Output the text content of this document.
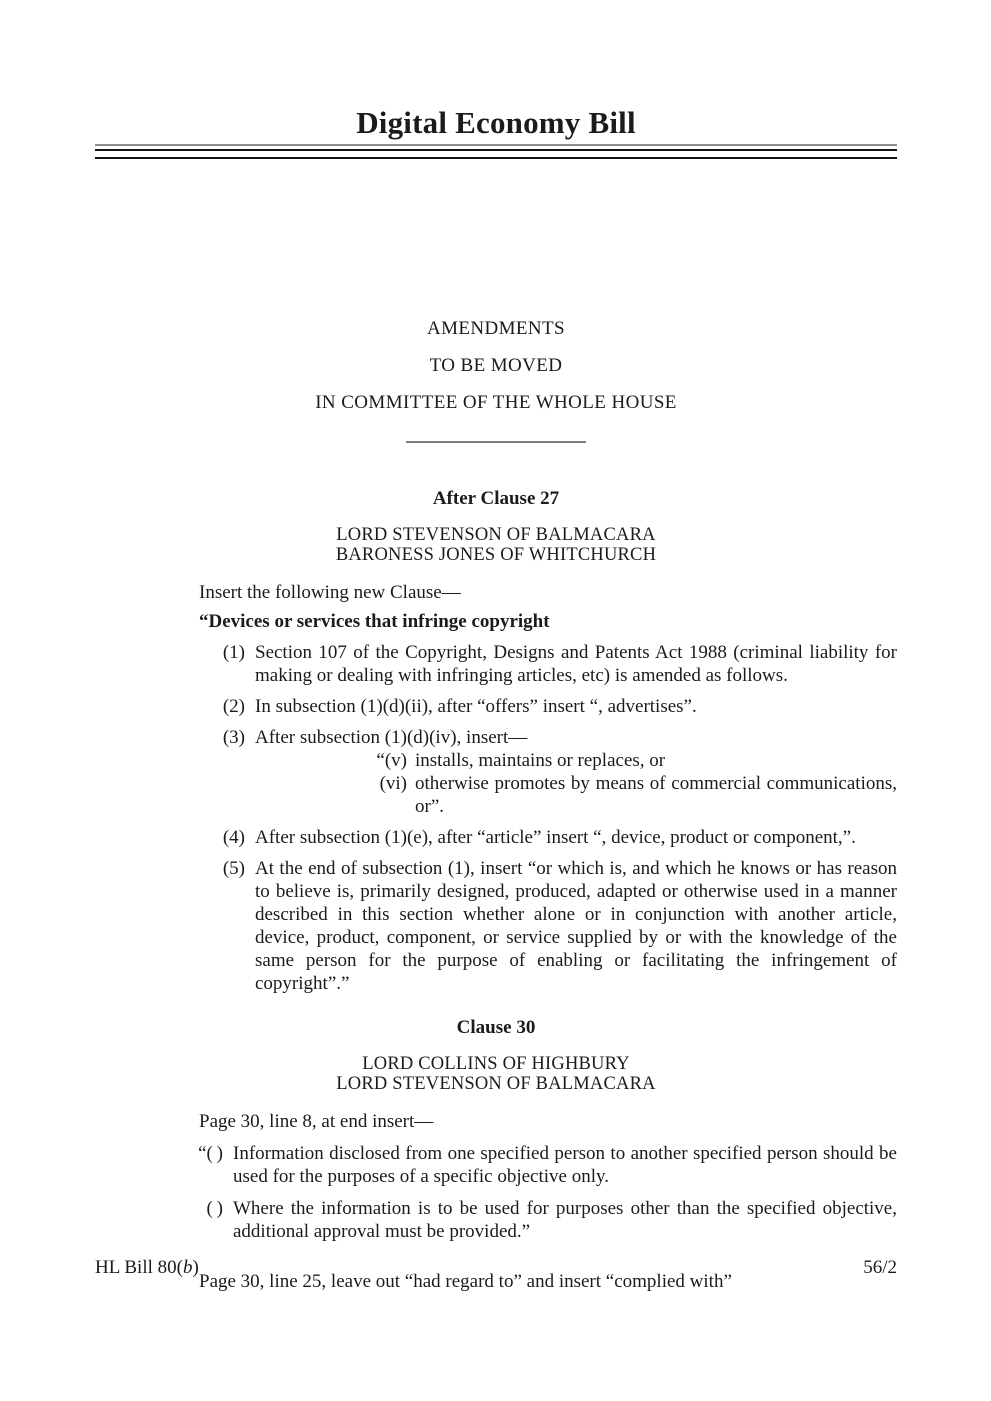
Digital Economy Bill
AMENDMENTS
TO BE MOVED
IN COMMITTEE OF THE WHOLE HOUSE
After Clause 27
LORD STEVENSON OF BALMACARA
BARONESS JONES OF WHITCHURCH
Insert the following new Clause—
“Devices or services that infringe copyright
(1) Section 107 of the Copyright, Designs and Patents Act 1988 (criminal liability for making or dealing with infringing articles, etc) is amended as follows.
(2) In subsection (1)(d)(ii), after “offers” insert “, advertises”.
(3) After subsection (1)(d)(iv), insert—
“(v) installs, maintains or replaces, or
(vi) otherwise promotes by means of commercial communications, or”.
(4) After subsection (1)(e), after “article” insert “, device, product or component,”.
(5) At the end of subsection (1), insert “or which is, and which he knows or has reason to believe is, primarily designed, produced, adapted or otherwise used in a manner described in this section whether alone or in conjunction with another article, device, product, component, or service supplied by or with the knowledge of the same person for the purpose of enabling or facilitating the infringement of copyright”.”
Clause 30
LORD COLLINS OF HIGHBURY
LORD STEVENSON OF BALMACARA
Page 30, line 8, at end insert—
“( ) Information disclosed from one specified person to another specified person should be used for the purposes of a specific objective only.
( ) Where the information is to be used for purposes other than the specified objective, additional approval must be provided.”
Page 30, line 25, leave out “had regard to” and insert “complied with”
HL Bill 80(b)	56/2
